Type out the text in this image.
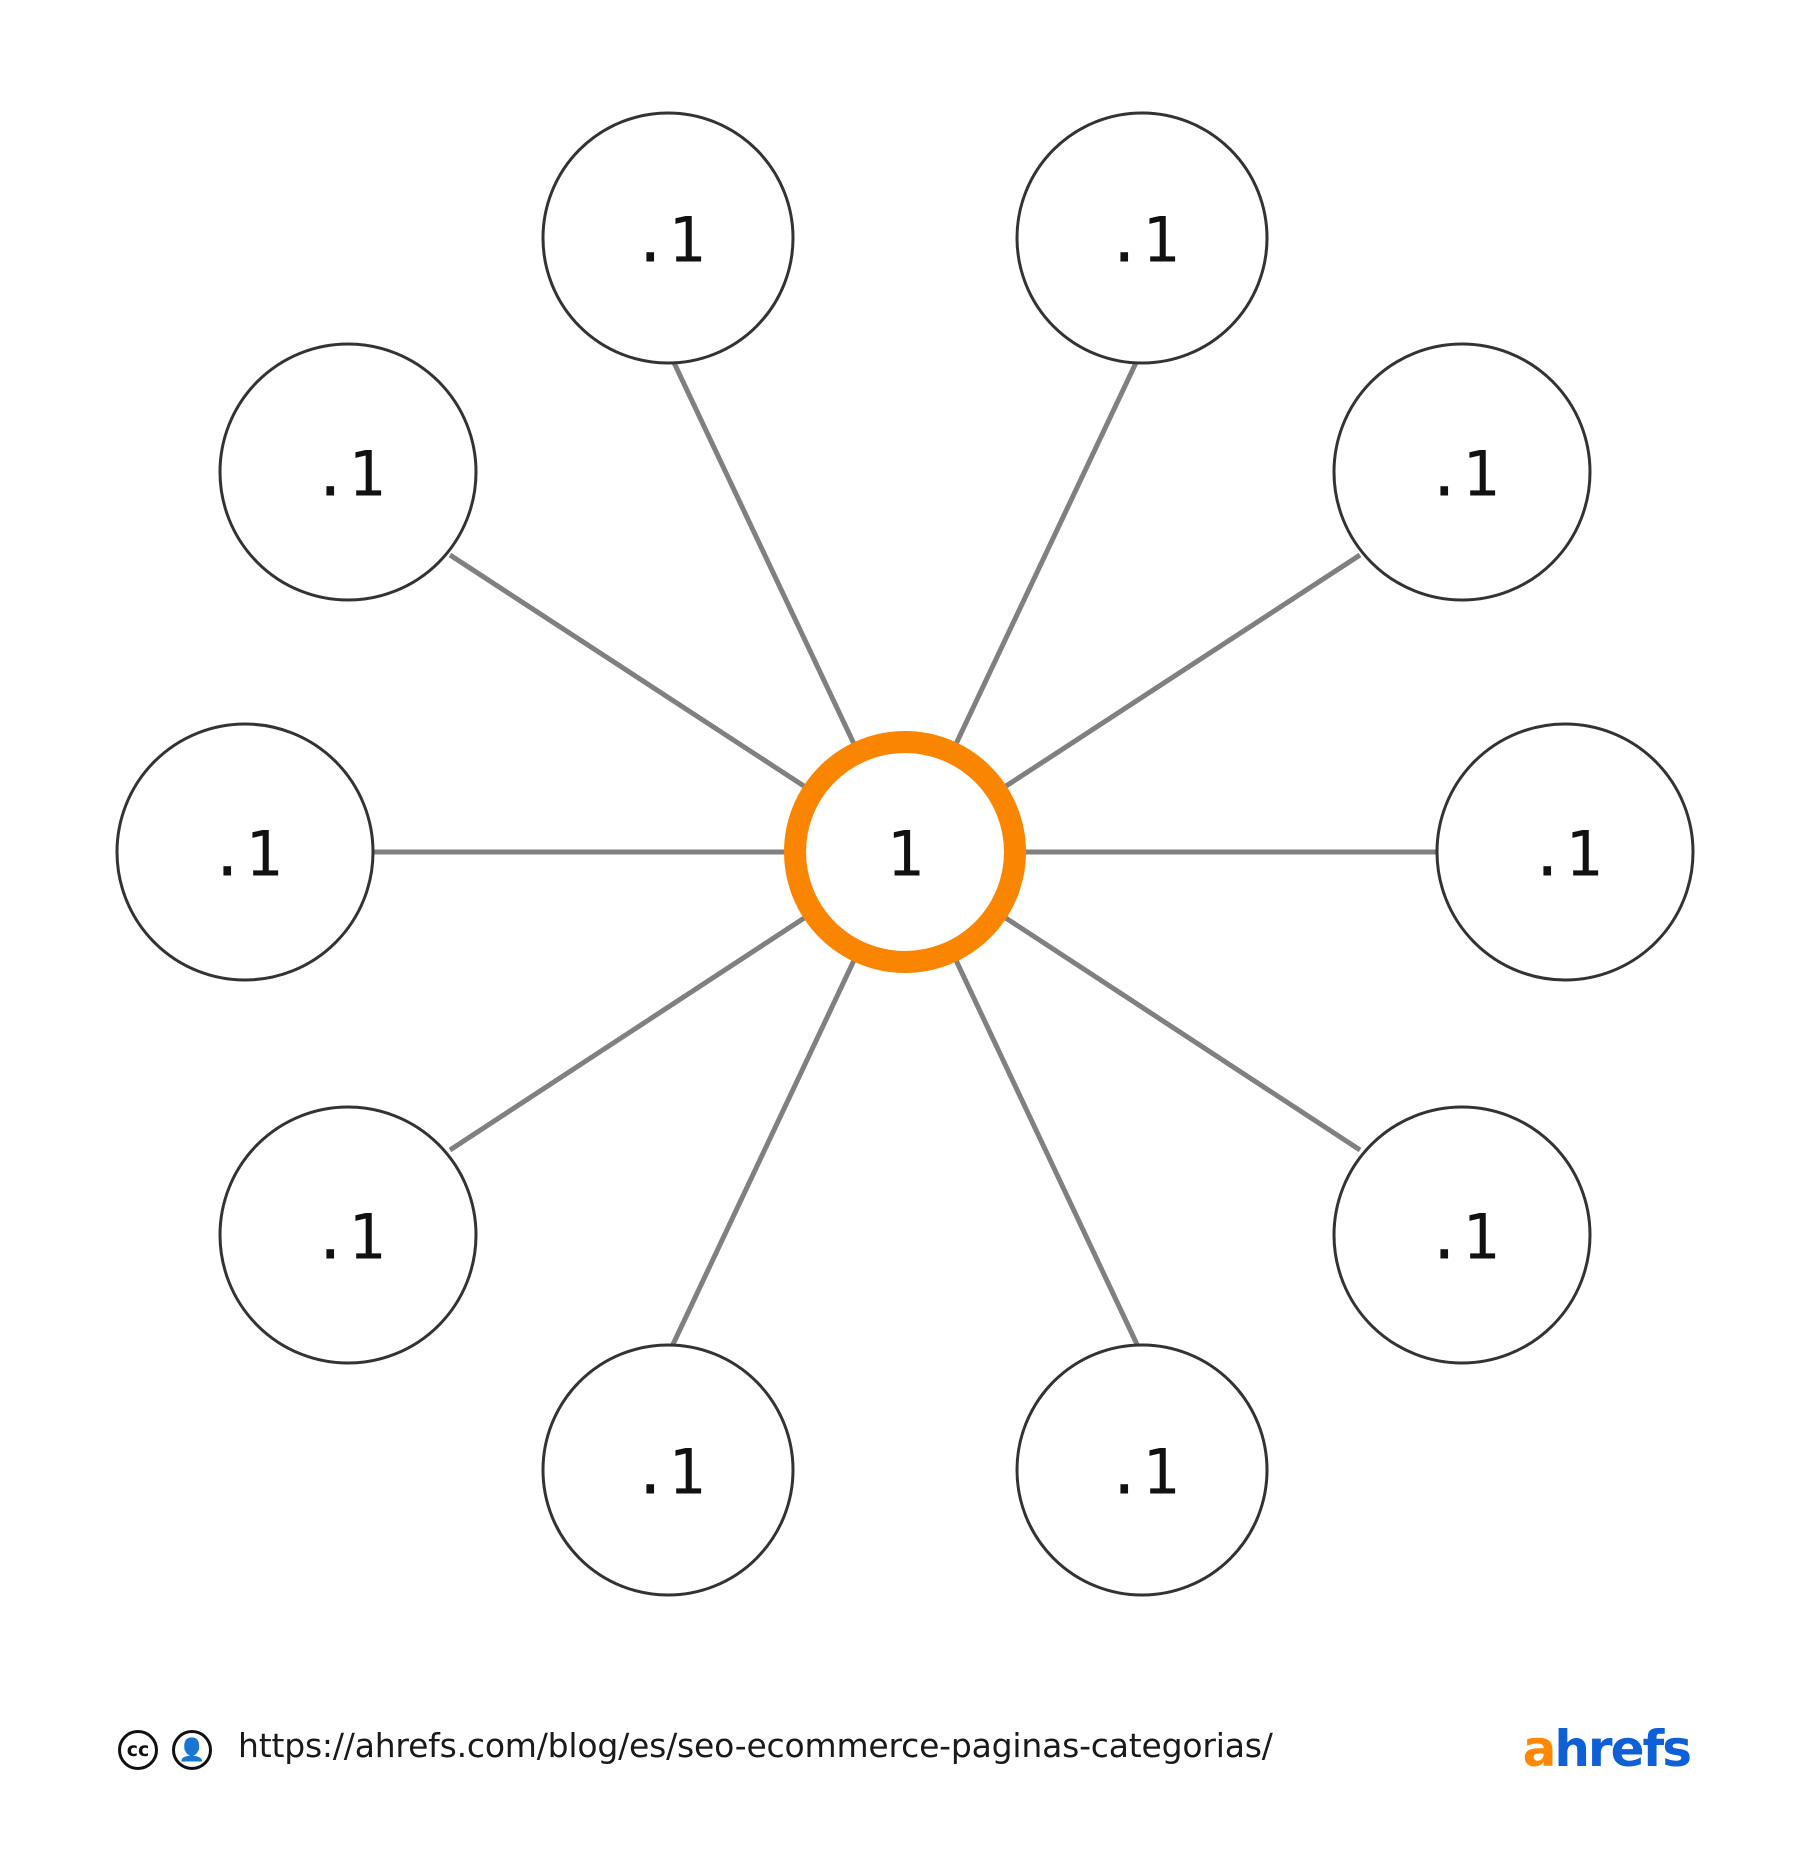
.1	.1
.1	.1
.1	.1
.1	.1
.1	.1
1
cc	👤 https://ahrefs.com/blog/es/seo-ecommerce-paginas-categorias/	ahrefs
